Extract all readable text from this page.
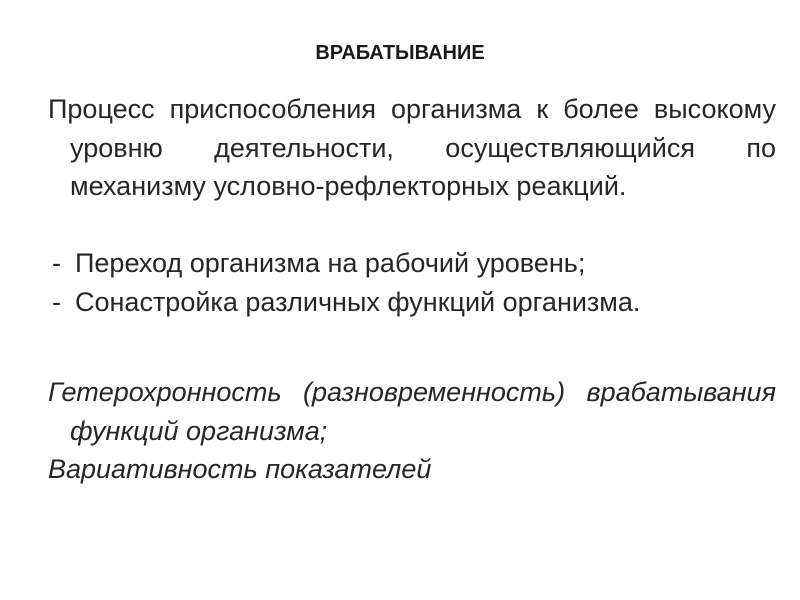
ВРАБАТЫВАНИЕ

Процесс приспособления организма к более высокому уровню деятельности, осуществляющийся по механизму условно-рефлекторных реакций.

- Переход организма на рабочий уровень;
- Сонастройка различных функций организма.

Гетерохронность (разновременность) врабатывания функций организма;

Вариативность показателей
